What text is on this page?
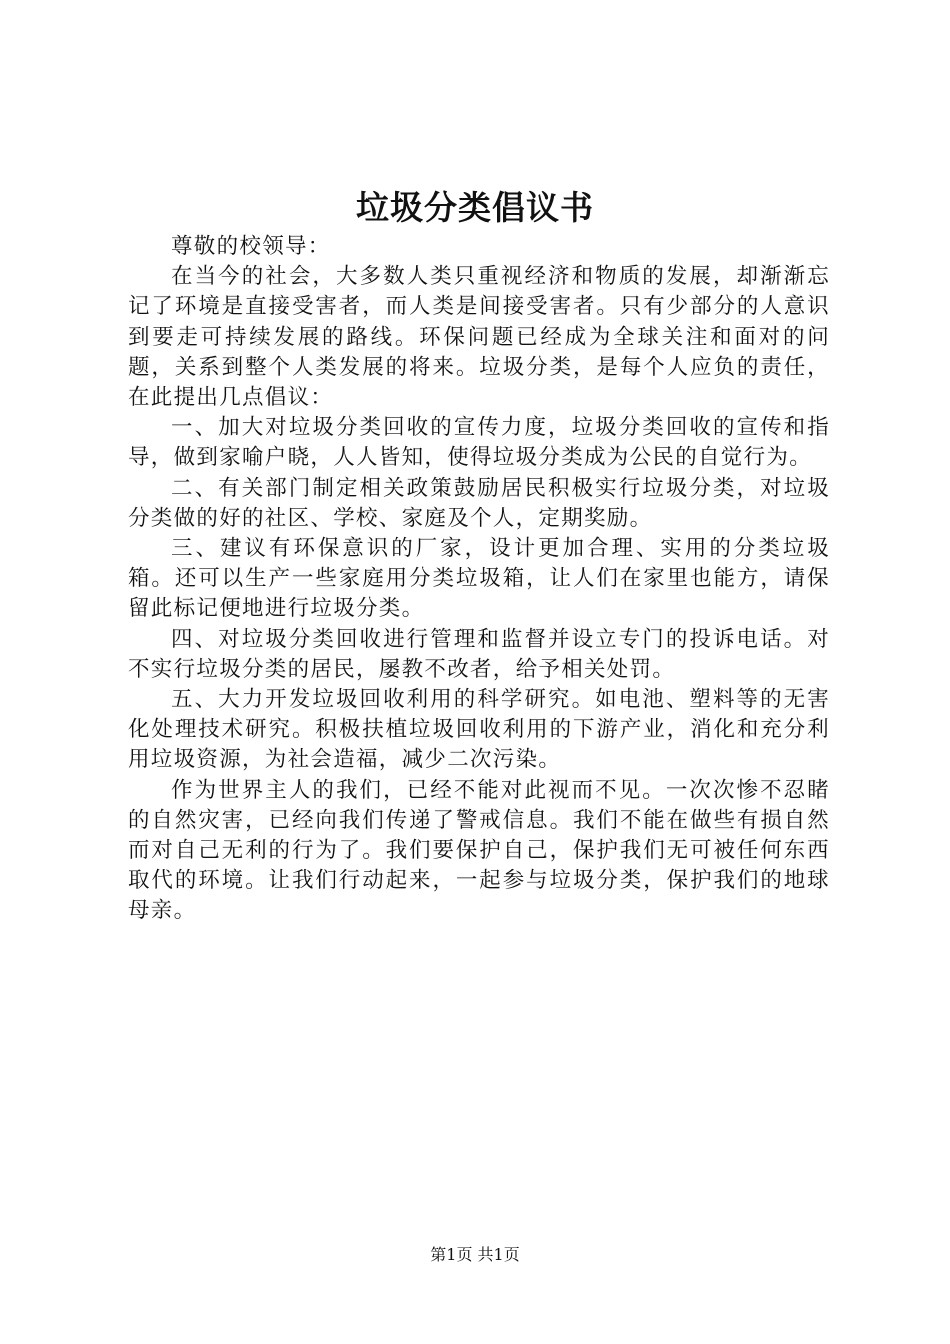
垃圾分类倡议书

尊敬的校领导：

在当今的社会，大多数人类只重视经济和物质的发展，却渐渐忘记了环境是直接受害者，而人类是间接受害者。只有少部分的人意识到要走可持续发展的路线。环保问题已经成为全球关注和面对的问题，关系到整个人类发展的将来。垃圾分类，是每个人应负的责任，在此提出几点倡议：

一、加大对垃圾分类回收的宣传力度，垃圾分类回收的宣传和指导，做到家喻户晓，人人皆知，使得垃圾分类成为公民的自觉行为。

二、有关部门制定相关政策鼓励居民积极实行垃圾分类，对垃圾分类做的好的社区、学校、家庭及个人，定期奖励。

三、建议有环保意识的厂家，设计更加合理、实用的分类垃圾箱。还可以生产一些家庭用分类垃圾箱，让人们在家里也能方，请保留此标记便地进行垃圾分类。

四、对垃圾分类回收进行管理和监督并设立专门的投诉电话。对不实行垃圾分类的居民，屡教不改者，给予相关处罚。

五、大力开发垃圾回收利用的科学研究。如电池、塑料等的无害化处理技术研究。积极扶植垃圾回收利用的下游产业，消化和充分利用垃圾资源，为社会造福，减少二次污染。

作为世界主人的我们，已经不能对此视而不见。一次次惨不忍睹的自然灾害，已经向我们传递了警戒信息。我们不能在做些有损自然而对自己无利的行为了。我们要保护自己，保护我们无可被任何东西取代的环境。让我们行动起来，一起参与垃圾分类，保护我们的地球母亲。

第1页 共1页
